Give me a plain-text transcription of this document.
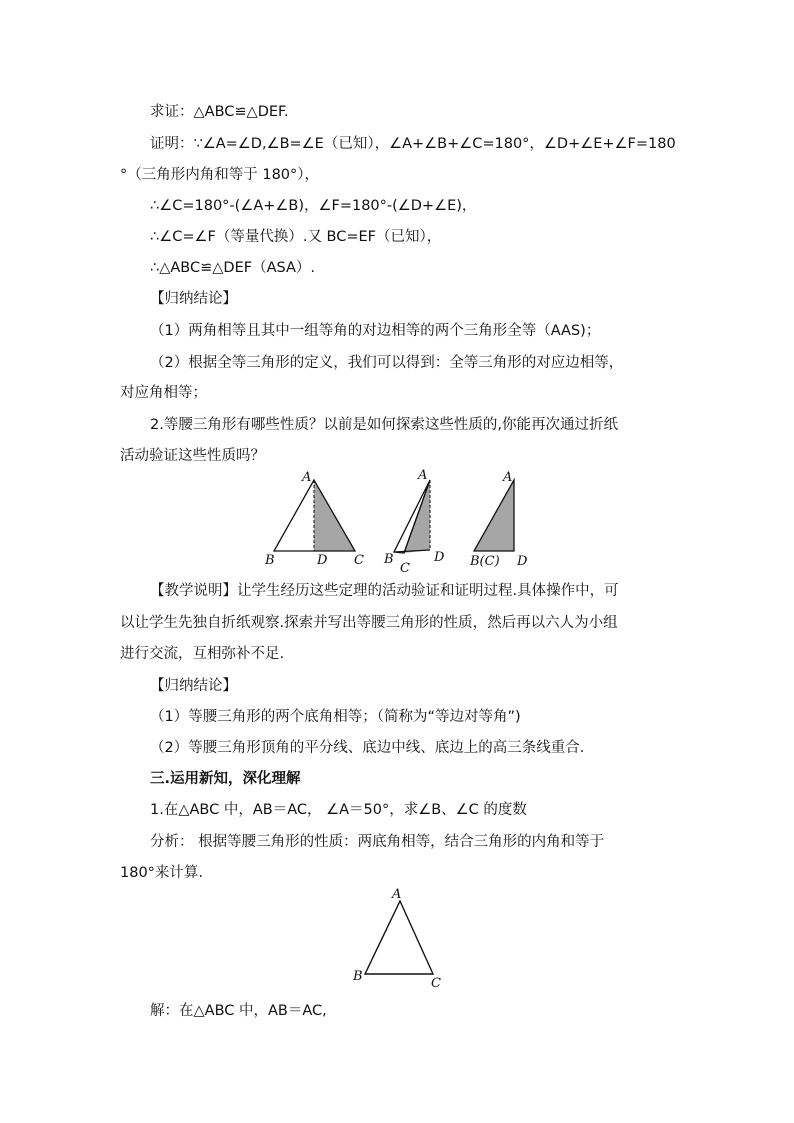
求证：△ABC≌△DEF.
证明：∵∠A=∠D,∠B=∠E（已知），∠A+∠B+∠C=180°，∠D+∠E+∠F=180
°（三角形内角和等于 180°），
∴∠C=180°-(∠A+∠B)，∠F=180°-(∠D+∠E)，
∴∠C=∠F（等量代换）.又 BC=EF（已知），
∴△ABC≌△DEF（ASA）.
【归纳结论】
（1）两角相等且其中一组等角的对边相等的两个三角形全等（AAS)；
（2）根据全等三角形的定义，我们可以得到：全等三角形的对应边相等，
对应角相等；
2.等腰三角形有哪些性质？以前是如何探索这些性质的,你能再次通过折纸
活动验证这些性质吗？
A
B	D C
A
B
C
D
A
B(C) D
【教学说明】让学生经历这些定理的活动验证和证明过程.具体操作中，可
以让学生先独自折纸观察.探索并写出等腰三角形的性质，然后再以六人为小组
进行交流，互相弥补不足.
【归纳结论】
（1）等腰三角形的两个底角相等；（简称为“等边对等角”)
（2）等腰三角形顶角的平分线、底边中线、底边上的高三条线重合.
三.运用新知，深化理解
1.在△ABC 中，AB＝AC， ∠A＝50°，求∠B、∠C 的度数
分析： 根据等腰三角形的性质：两底角相等，结合三角形的内角和等于
180°来计算.
A
B	C
解：在△ABC 中，AB＝AC,
